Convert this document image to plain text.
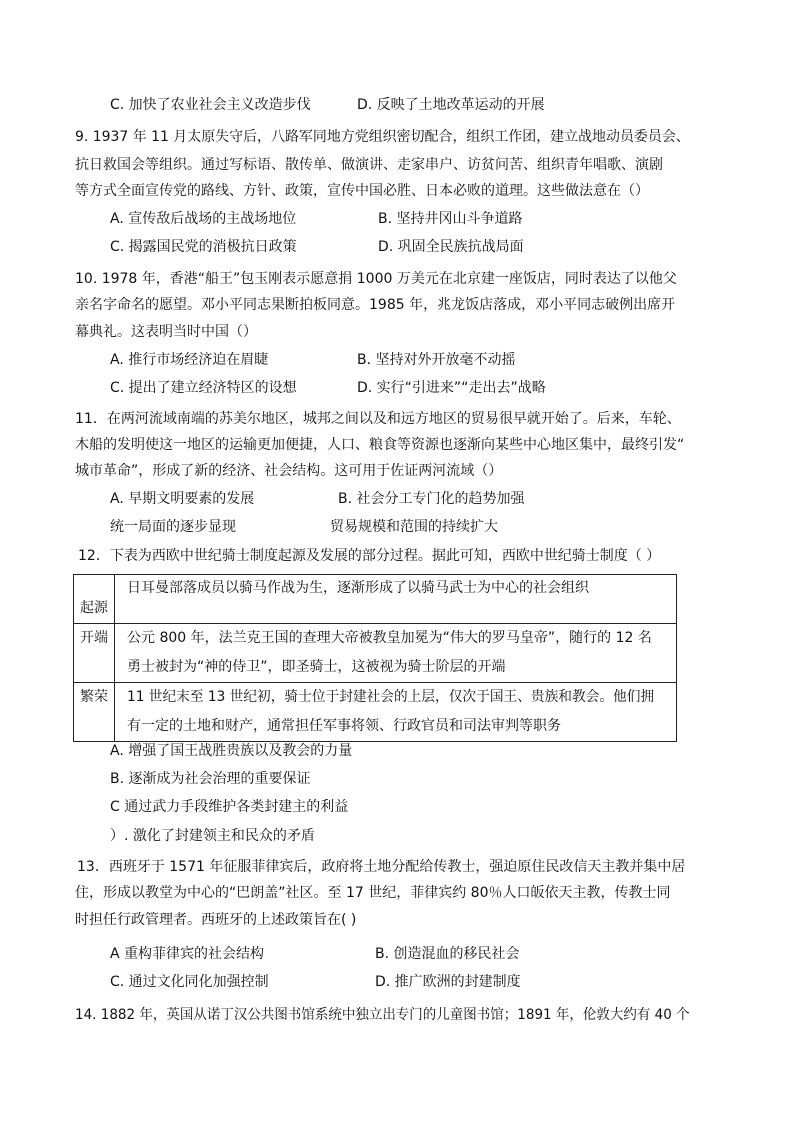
C. 加快了农业社会主义改造步伐	D. 反映了土地改革运动的开展
9. 1937 年 11 月太原失守后，八路军同地方党组织密切配合，组织工作团，建立战地动员委员会、
抗日救国会等组织。通过写标语、散传单、做演讲、走家串户、访贫问苦、组织青年唱歌、演剧
等方式全面宣传党的路线、方针、政策，宣传中国必胜、日本必败的道理。这些做法意在（）
A. 宣传敌后战场的主战场地位	B. 坚持井冈山斗争道路
C. 揭露国民党的消极抗日政策	D. 巩固全民族抗战局面
10. 1978 年，香港“船王”包玉刚表示愿意捐 1000 万美元在北京建一座饭店，同时表达了以他父
亲名字命名的愿望。邓小平同志果断拍板同意。1985 年，兆龙饭店落成，邓小平同志破例出席开
幕典礼。这表明当时中国（）
A. 推行市场经济迫在眉睫	B. 坚持对外开放毫不动摇
C. 提出了建立经济特区的设想	D. 实行“引进来”“走出去”战略
11．在两河流域南端的苏美尔地区，城邦之间以及和远方地区的贸易很早就开始了。后来，车轮、
木船的发明使这一地区的运输更加便捷，人口、粮食等资源也逐渐向某些中心地区集中，最终引发“
城市革命”，形成了新的经济、社会结构。这可用于佐证两河流域（）
A. 早期文明要素的发展	B. 社会分工专门化的趋势加强
统一局面的逐步显现	贸易规模和范围的持续扩大
12．下表为西欧中世纪骑士制度起源及发展的部分过程。据此可知，西欧中世纪骑士制度（ ）
起源	日耳曼部落成员以骑马作战为生，逐渐形成了以骑马武士为中心的社会组织

开端	公元 800 年，法兰克王国的查理大帝被教皇加冕为“伟大的罗马皇帝”，随行的 12 名
勇士被封为“神的侍卫”，即圣骑士，这被视为骑士阶层的开端

繁荣	11 世纪末至 13 世纪初，骑士位于封建社会的上层，仅次于国王、贵族和教会。他们拥
有一定的土地和财产，通常担任军事将领、行政官员和司法审判等职务
A. 增强了国王战胜贵族以及教会的力量
B. 逐渐成为社会治理的重要保证
C 通过武力手段维护各类封建主的利益
）. 激化了封建领主和民众的矛盾
13．西班牙于 1571 年征服菲律宾后，政府将土地分配给传教士，强迫原住民改信天主教并集中居
住，形成以教堂为中心的“巴朗盖”社区。至 17 世纪，菲律宾约 80％人口皈依天主教，传教士同
时担任行政管理者。西班牙的上述政策旨在( )
A 重构菲律宾的社会结构	B. 创造混血的移民社会
C. 通过文化同化加强控制	D. 推广欧洲的封建制度
14. 1882 年，英国从诺丁汉公共图书馆系统中独立出专门的儿童图书馆；1891 年，伦敦大约有 40 个
